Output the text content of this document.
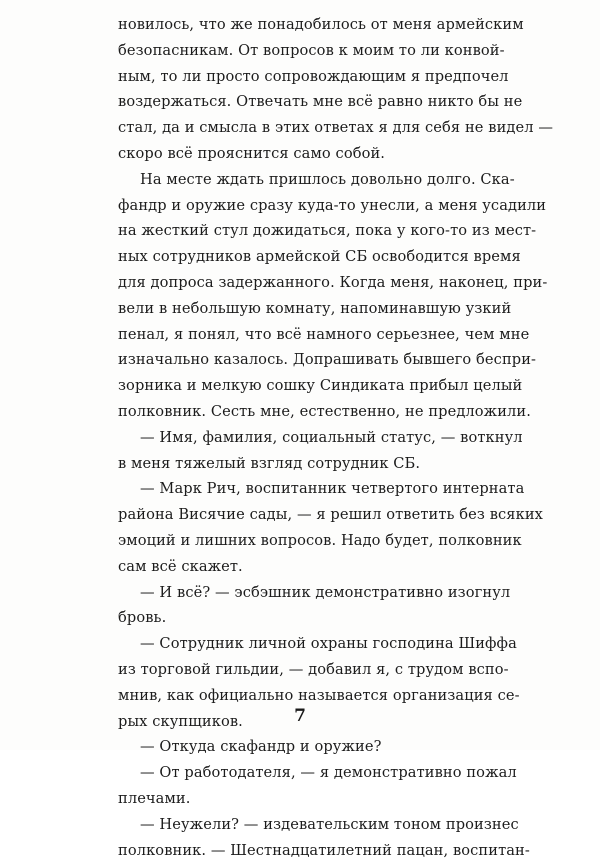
новилось, что же понадобилось от меня армейским
безопасникам. От вопросов к моим то ли конвой-
ным, то ли просто сопровождающим я предпочел
воздержаться. Отвечать мне всё равно никто бы не
стал, да и смысла в этих ответах я для себя не видел —
скоро всё прояснится само собой.
На месте ждать пришлось довольно долго. Ска-
фандр и оружие сразу куда-то унесли, а меня усадили
на жесткий стул дожидаться, пока у кого-то из мест-
ных сотрудников армейской СБ освободится время
для допроса задержанного. Когда меня, наконец, при-
вели в небольшую комнату, напоминавшую узкий
пенал, я понял, что всё намного серьезнее, чем мне
изначально казалось. Допрашивать бывшего беспри-
зорника и мелкую сошку Синдиката прибыл целый
полковник. Сесть мне, естественно, не предложили.
— Имя, фамилия, социальный статус, — воткнул
в меня тяжелый взгляд сотрудник СБ.
— Марк Рич, воспитанник четвертого интерната
района Висячие сады, — я решил ответить без всяких
эмоций и лишних вопросов. Надо будет, полковник
сам всё скажет.
— И всё? — эсбэшник демонстративно изогнул
бровь.
— Сотрудник личной охраны господина Шиффа
из торговой гильдии, — добавил я, с трудом вспо-
мнив, как официально называется организация се-
рых скупщиков.
— Откуда скафандр и оружие?
— От работодателя, — я демонстративно пожал
плечами.
— Неужели? — издевательским тоном произнес
полковник. — Шестнадцатилетний пацан, воспитан-
7
